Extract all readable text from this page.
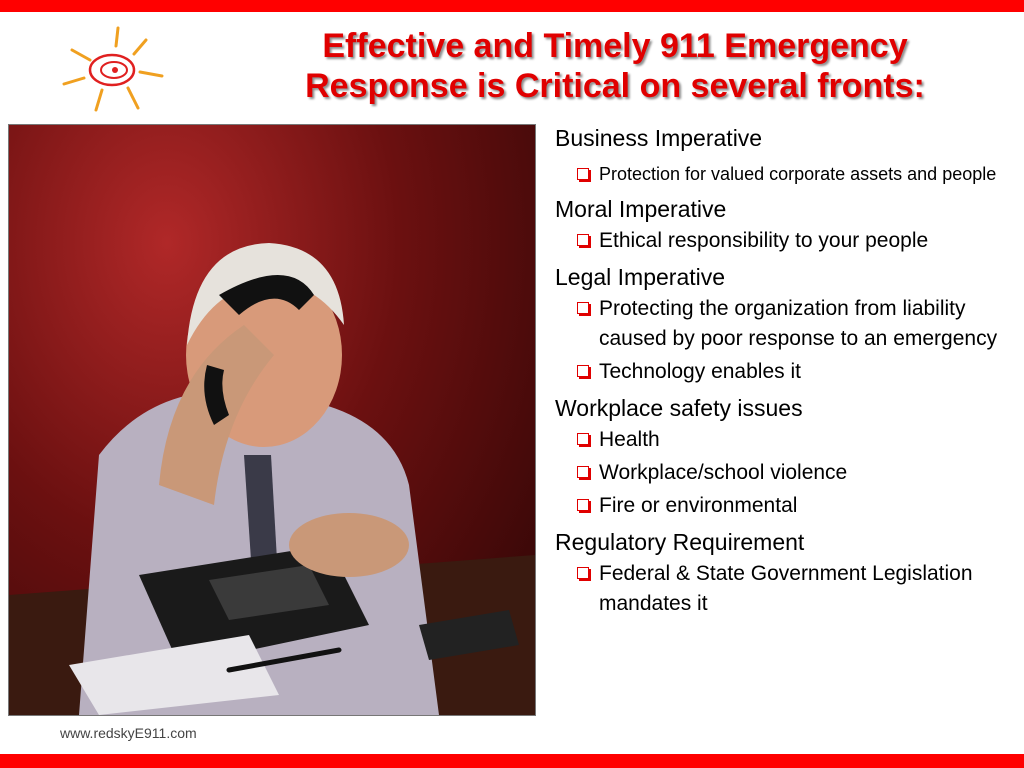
Effective and Timely 911 Emergency
Response is Critical on several fronts:
Business Imperative
Protection for valued corporate assets and people
Moral Imperative
Ethical responsibility to your people
Legal Imperative
Protecting the organization from liability caused by poor response to an emergency
Technology enables it
Workplace safety issues
Health
Workplace/school violence
Fire or environmental
Regulatory Requirement
Federal & State Government Legislation mandates it
www.redskyE911.com
